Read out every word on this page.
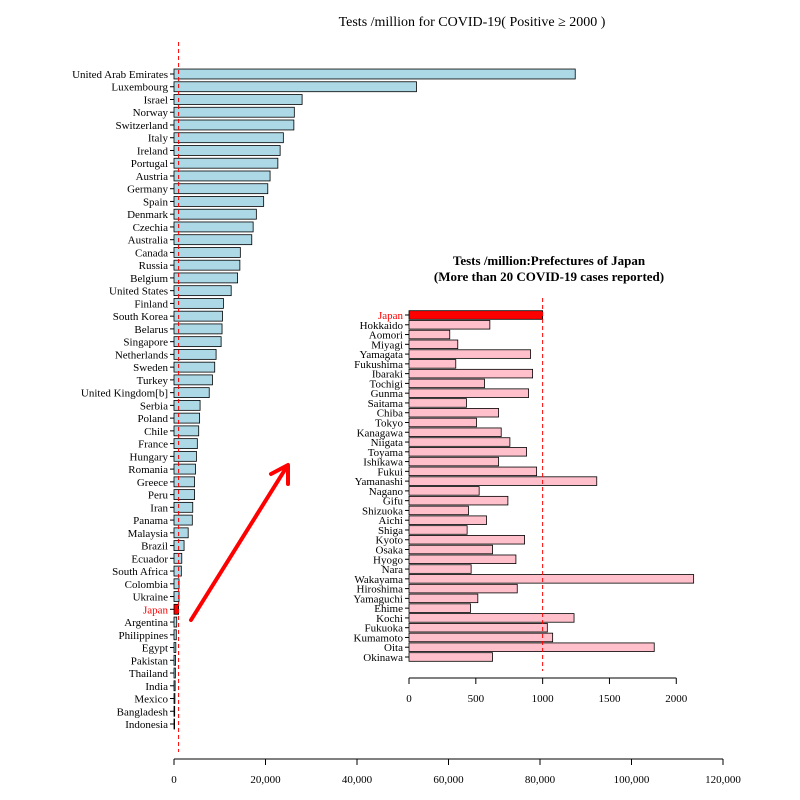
Tests /million for COVID-19( Positive ≥ 2000 )
United Arab Emirates
Luxembourg
Israel
Norway
Switzerland
Italy
Ireland
Portugal
Austria
Germany
Spain
Denmark
Czechia
Australia
Canada
Russia
Belgium
United States
Finland
South Korea
Belarus
Singapore
Netherlands
Sweden
Turkey
United Kingdom[b]
Serbia
Poland
Chile
France
Hungary
Romania
Greece
Peru
Iran
Panama
Malaysia
Brazil
Ecuador
South Africa
Colombia
Ukraine
Japan
Argentina
Philippines
Egypt
Pakistan
Thailand
India
Mexico
Bangladesh
Indonesia
0	20,000	40,000	60,000	80,000	100,000	120,000
Tests /million:Prefectures of Japan
(More than 20 COVID-19 cases reported)
Japan
Hokkaido
Aomori
Miyagi
Yamagata
Fukushima
Ibaraki
Tochigi
Gunma
Saitama
Chiba
Tokyo
Kanagawa
Niigata
Toyama
Ishikawa
Fukui
Yamanashi
Nagano
Gifu
Shizuoka
Aichi
Shiga
Kyoto
Osaka
Hyogo
Nara
Wakayama
Hiroshima
Yamaguchi
Ehime
Kochi
Fukuoka
Kumamoto
Oita
Okinawa
0	500	1000	1500	2000
